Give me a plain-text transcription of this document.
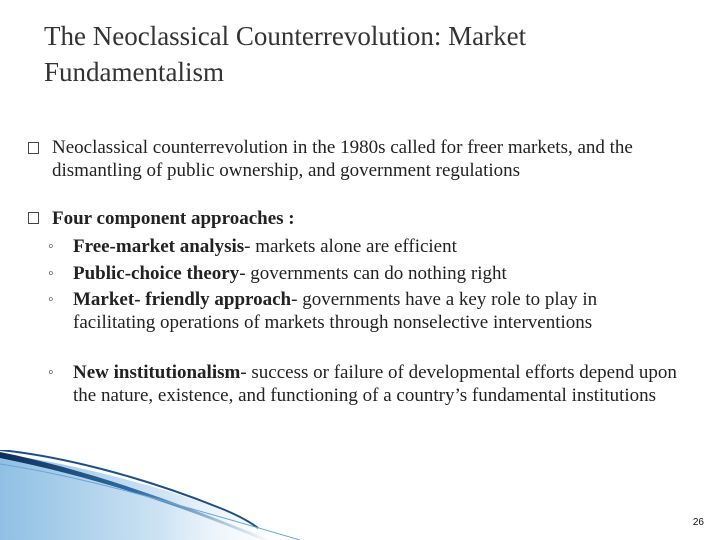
The Neoclassical Counterrevolution: Market Fundamentalism
Neoclassical counterrevolution in the 1980s called for freer markets, and the dismantling of public ownership, and government regulations
Four component approaches :
◦ Free-market analysis- markets alone are efficient
◦ Public-choice theory- governments can do nothing right
◦ Market- friendly approach- governments have a key role to play in facilitating operations of markets through nonselective interventions
◦ New institutionalism- success or failure of developmental efforts depend upon the nature, existence, and functioning of a country’s fundamental institutions
26
